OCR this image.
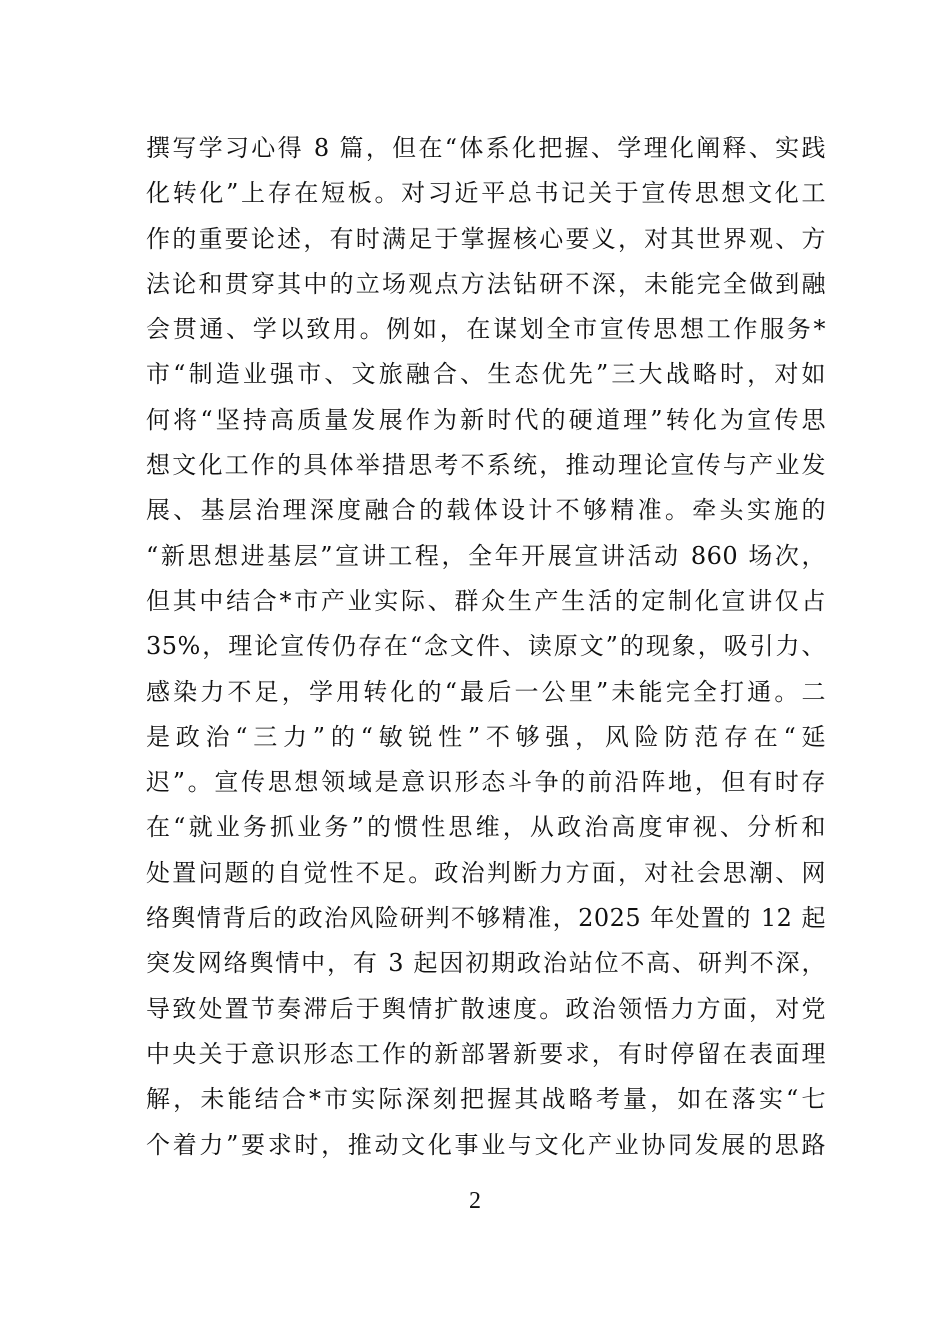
撰写学习心得 8 篇，但在“体系化把握、学理化阐释、实践
化转化”上存在短板。对习近平总书记关于宣传思想文化工
作的重要论述，有时满足于掌握核心要义，对其世界观、方
法论和贯穿其中的立场观点方法钻研不深，未能完全做到融
会贯通、学以致用。例如，在谋划全市宣传思想工作服务*
市“制造业强市、文旅融合、生态优先”三大战略时，对如
何将“坚持高质量发展作为新时代的硬道理”转化为宣传思
想文化工作的具体举措思考不系统，推动理论宣传与产业发
展、基层治理深度融合的载体设计不够精准。牵头实施的
“新思想进基层”宣讲工程，全年开展宣讲活动 860 场次，
但其中结合*市产业实际、群众生产生活的定制化宣讲仅占
35%，理论宣传仍存在“念文件、读原文”的现象，吸引力、
感染力不足，学用转化的“最后一公里”未能完全打通。二
是政治“三力”的“敏锐性”不够强，风险防范存在“延
迟”。宣传思想领域是意识形态斗争的前沿阵地，但有时存
在“就业务抓业务”的惯性思维，从政治高度审视、分析和
处置问题的自觉性不足。政治判断力方面，对社会思潮、网
络舆情背后的政治风险研判不够精准，2025 年处置的 12 起
突发网络舆情中，有 3 起因初期政治站位不高、研判不深，
导致处置节奏滞后于舆情扩散速度。政治领悟力方面，对党
中央关于意识形态工作的新部署新要求，有时停留在表面理
解，未能结合*市实际深刻把握其战略考量，如在落实“七
个着力”要求时，推动文化事业与文化产业协同发展的思路
2
